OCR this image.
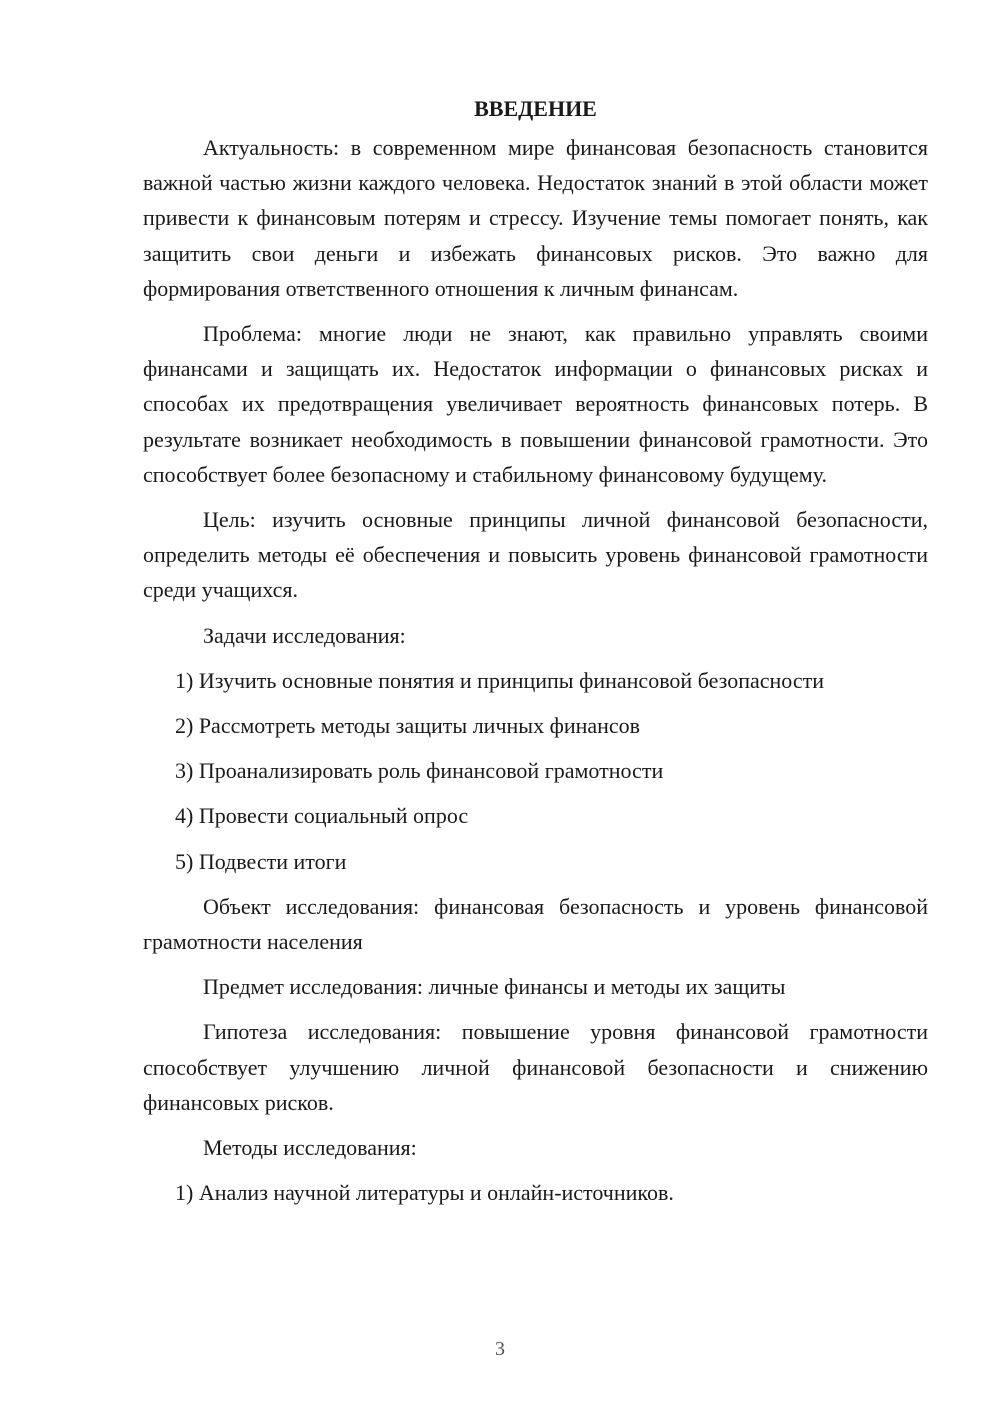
ВВЕДЕНИЕ

Актуальность: в современном мире финансовая безопасность становится важной частью жизни каждого человека. Недостаток знаний в этой области может привести к финансовым потерям и стрессу. Изучение темы помогает понять, как защитить свои деньги и избежать финансовых рисков. Это важно для формирования ответственного отношения к личным финансам.

Проблема: многие люди не знают, как правильно управлять своими финансами и защищать их. Недостаток информации о финансовых рисках и способах их предотвращения увеличивает вероятность финансовых потерь. В результате возникает необходимость в повышении финансовой грамотности. Это способствует более безопасному и стабильному финансовому будущему.

Цель: изучить основные принципы личной финансовой безопасности, определить методы её обеспечения и повысить уровень финансовой грамотности среди учащихся.

Задачи исследования:

1) Изучить основные понятия и принципы финансовой безопасности
2) Рассмотреть методы защиты личных финансов
3) Проанализировать роль финансовой грамотности
4) Провести социальный опрос
5) Подвести итоги

Объект исследования: финансовая безопасность и уровень финансовой грамотности населения

Предмет исследования: личные финансы и методы их защиты

Гипотеза исследования: повышение уровня финансовой грамотности способствует улучшению личной финансовой безопасности и снижению финансовых рисков.

Методы исследования:

1) Анализ научной литературы и онлайн-источников.
3
